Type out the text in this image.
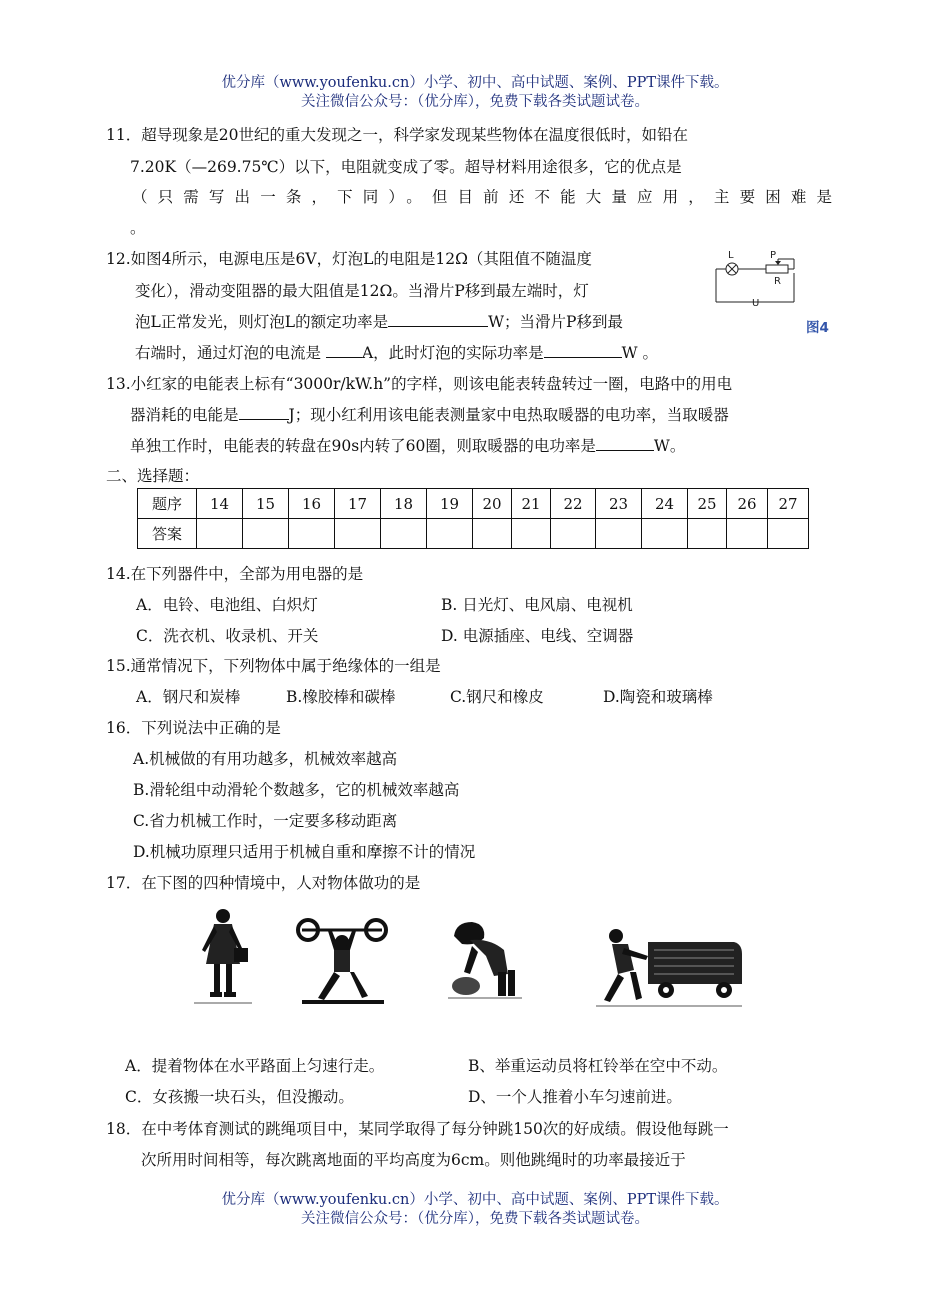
优分库（www.youfenku.cn）小学、初中、高中试题、案例、PPT课件下载。
关注微信公众号：（优分库），免费下载各类试题试卷。
11．超导现象是20世纪的重大发现之一，科学家发现某些物体在温度很低时，如铅在
7.20K（—269.75℃）以下，电阻就变成了零。超导材料用途很多，它的优点是
（只需写出一条，下同）。但目前还不能大量应用，主要困难是
。
12.如图4所示，电源电压是6V，灯泡L的电阻是12Ω（其阻值不随温度
变化），滑动变阻器的最大阻值是12Ω。当滑片P移到最左端时，灯
泡L正常发光，则灯泡L的额定功率是	W；当滑片P移到最
右端时，通过灯泡的电流是 A，此时灯泡的实际功率是	W 。
L	P
R
U
图4
13.小红家的电能表上标有“3000r/kW.h”的字样，则该电能表转盘转过一圈，电路中的用电
器消耗的电能是	J；现小红利用该电能表测量家中电热取暖器的电功率，当取暖器
单独工作时，电能表的转盘在90s内转了60圈，则取暖器的电功率是	W。
二、选择题：
题序	14	15	16	17	18	19	20	21	22	23	24	25	26	27
答案														
14.在下列器件中，全部为用电器的是
A．电铃、电池组、白炽灯	B. 日光灯、电风扇、电视机
C．洗衣机、收录机、开关	D. 电源插座、电线、空调器
15.通常情况下，下列物体中属于绝缘体的一组是
A．钢尺和炭棒	B.橡胶棒和碳棒	C.钢尺和橡皮	D.陶瓷和玻璃棒
16．下列说法中正确的是
A.机械做的有用功越多，机械效率越高
B.滑轮组中动滑轮个数越多，它的机械效率越高
C.省力机械工作时，一定要多移动距离
D.机械功原理只适用于机械自重和摩擦不计的情况
17．在下图的四种情境中，人对物体做功的是
A．提着物体在水平路面上匀速行走。	B、举重运动员将杠铃举在空中不动。
C．女孩搬一块石头，但没搬动。	D、一个人推着小车匀速前进。
18．在中考体育测试的跳绳项目中，某同学取得了每分钟跳150次的好成绩。假设他每跳一
次所用时间相等，每次跳离地面的平均高度为6cm。则他跳绳时的功率最接近于
优分库（www.youfenku.cn）小学、初中、高中试题、案例、PPT课件下载。
关注微信公众号：（优分库），免费下载各类试题试卷。
